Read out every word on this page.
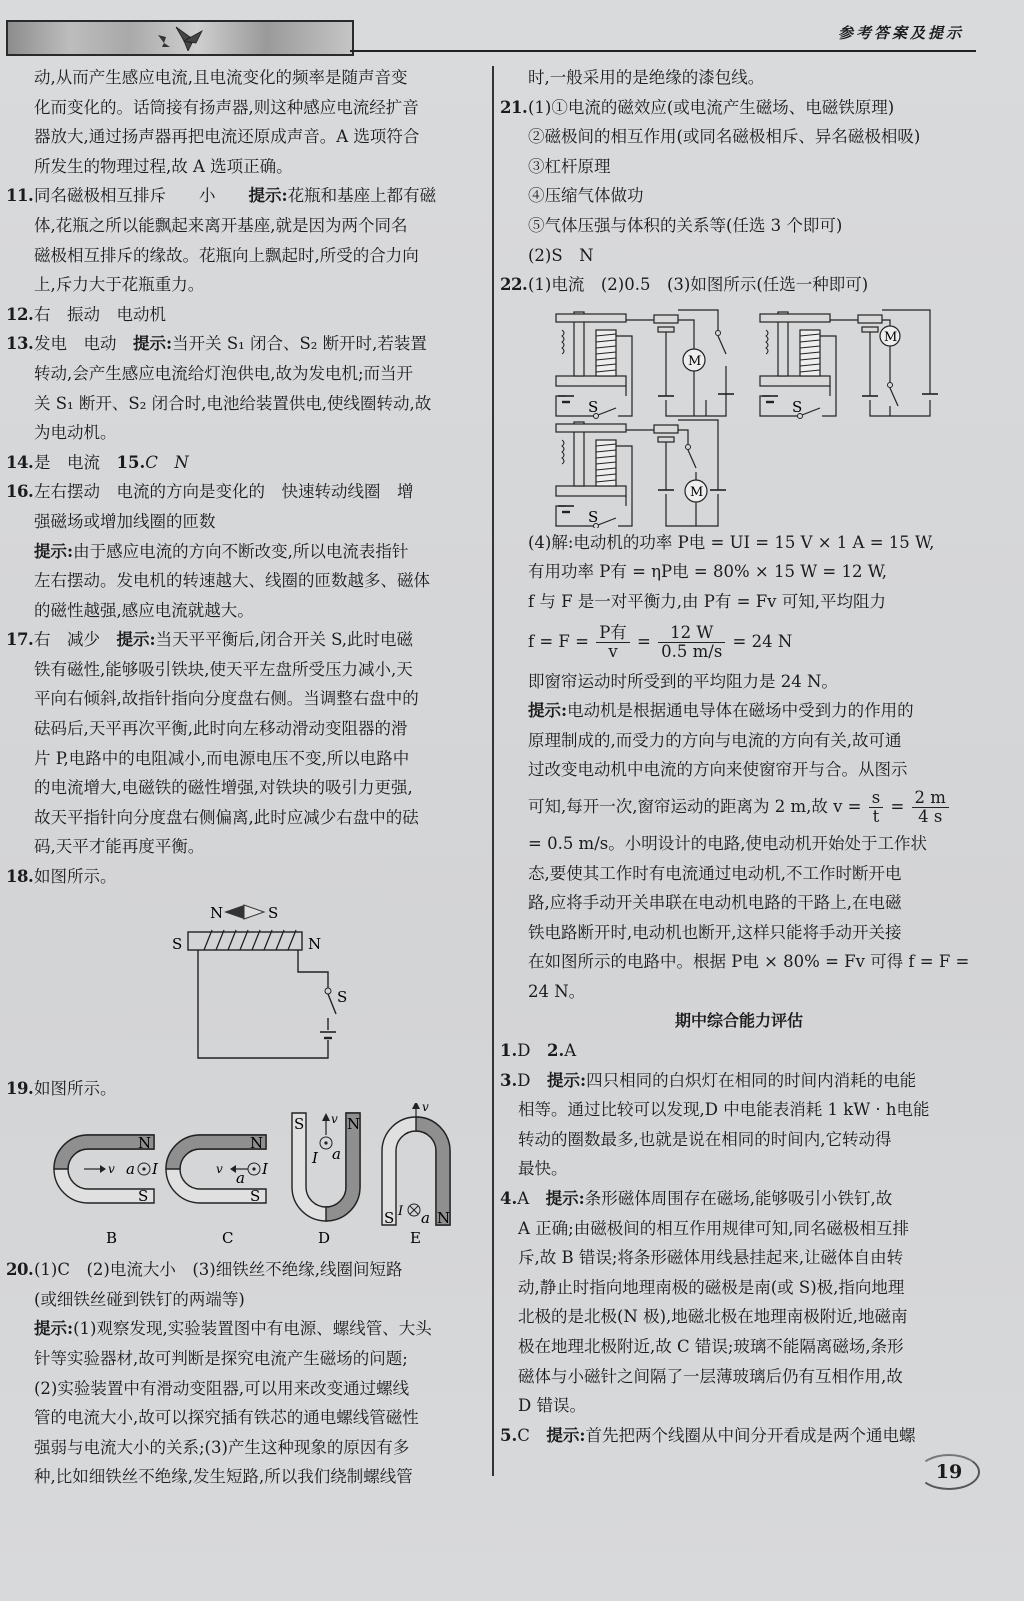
参考答案及提示
动,从而产生感应电流,且电流变化的频率是随声音变
化而变化的。话筒接有扬声器,则这种感应电流经扩音
器放大,通过扬声器再把电流还原成声音。A 选项符合
所发生的物理过程,故 A 选项正确。
11.同名磁极相互排斥　　小　　提示:花瓶和基座上都有磁
体,花瓶之所以能飘起来离开基座,就是因为两个同名
磁极相互排斥的缘故。花瓶向上飘起时,所受的合力向
上,斥力大于花瓶重力。
12.右　振动　电动机
13.发电　电动　提示:当开关 S₁ 闭合、S₂ 断开时,若装置
转动,会产生感应电流给灯泡供电,故为发电机;而当开
关 S₁ 断开、S₂ 闭合时,电池给装置供电,使线圈转动,故
为电动机。
14.是　电流　15.C　N
16.左右摆动　电流的方向是变化的　快速转动线圈　增
强磁场或增加线圈的匝数
提示:由于感应电流的方向不断改变,所以电流表指针
左右摆动。发电机的转速越大、线圈的匝数越多、磁体
的磁性越强,感应电流就越大。
17.右　减少　提示:当天平平衡后,闭合开关 S,此时电磁
铁有磁性,能够吸引铁块,使天平左盘所受压力减小,天
平向右倾斜,故指针指向分度盘右侧。当调整右盘中的
砝码后,天平再次平衡,此时向左移动滑动变阻器的滑
片 P,电路中的电阻减小,而电源电压不变,所以电路中
的电流增大,电磁铁的磁性增强,对铁块的吸引力更强,
故天平指针向分度盘右侧偏离,此时应减少右盘中的砝
码,天平才能再度平衡。
18.如图所示。
N	S
S	N
S
19.如图所示。
N
S
v a I
B
N
S
v a I
C
S	N
v
I a
D
v
S	N
I a
E
20.(1)C　(2)电流大小　(3)细铁丝不绝缘,线圈间短路
(或细铁丝碰到铁钉的两端等)
提示:(1)观察发现,实验装置图中有电源、螺线管、大头
针等实验器材,故可判断是探究电流产生磁场的问题;
(2)实验装置中有滑动变阻器,可以用来改变通过螺线
管的电流大小,故可以探究插有铁芯的通电螺线管磁性
强弱与电流大小的关系;(3)产生这种现象的原因有多
种,比如细铁丝不绝缘,发生短路,所以我们绕制螺线管
时,一般采用的是绝缘的漆包线。
21.(1)①电流的磁效应(或电流产生磁场、电磁铁原理)
②磁极间的相互作用(或同名磁极相斥、异名磁极相吸)
③杠杆原理
④压缩气体做功
⑤气体压强与体积的关系等(任选 3 个即可)
(2)S　N
22.(1)电流　(2)0.5　(3)如图所示(任选一种即可)
S
M
M
M
(4)解:电动机的功率 P电 = UI = 15 V × 1 A = 15 W,
有用功率 P有 = ηP电 = 80% × 15 W = 12 W,
f 与 F 是一对平衡力,由 P有 = Fv 可知,平均阻力
$f = F = \frac{\text{P有}}{v} = \frac{12 W}{0.5 m/s} = 24$ N
即窗帘运动时所受到的平均阻力是 24 N。
提示:电动机是根据通电导体在磁场中受到力的作用的
原理制成的,而受力的方向与电流的方向有关,故可通
过改变电动机中电流的方向来使窗帘开与合。从图示
可知,每开一次,窗帘运动的距离为 2 m,故 $v = \frac{s}{t} = \frac{2 m}{4 s}$
= 0.5 m/s。小明设计的电路,使电动机开始处于工作状
态,要使其工作时有电流通过电动机,不工作时断开电
路,应将手动开关串联在电动机电路的干路上,在电磁
铁电路断开时,电动机也断开,这样只能将手动开关接
在如图所示的电路中。根据 P电 × 80% = Fv 可得 f = F =
24 N。
期中综合能力评估
1.D　 2.A
3.D　提示:四只相同的白炽灯在相同的时间内消耗的电能
相等。通过比较可以发现,D 中电能表消耗 1 kW · h电能
转动的圈数最多,也就是说在相同的时间内,它转动得
最快。
4.A　提示:条形磁体周围存在磁场,能够吸引小铁钉,故
A 正确;由磁极间的相互作用规律可知,同名磁极相互排
斥,故 B 错误;将条形磁体用线悬挂起来,让磁体自由转
动,静止时指向地理南极的磁极是南(或 S)极,指向地理
北极的是北极(N 极),地磁北极在地理南极附近,地磁南
极在地理北极附近,故 C 错误;玻璃不能隔离磁场,条形
磁体与小磁针之间隔了一层薄玻璃后仍有互相作用,故
D 错误。
5.C　提示:首先把两个线圈从中间分开看成是两个通电螺
19
